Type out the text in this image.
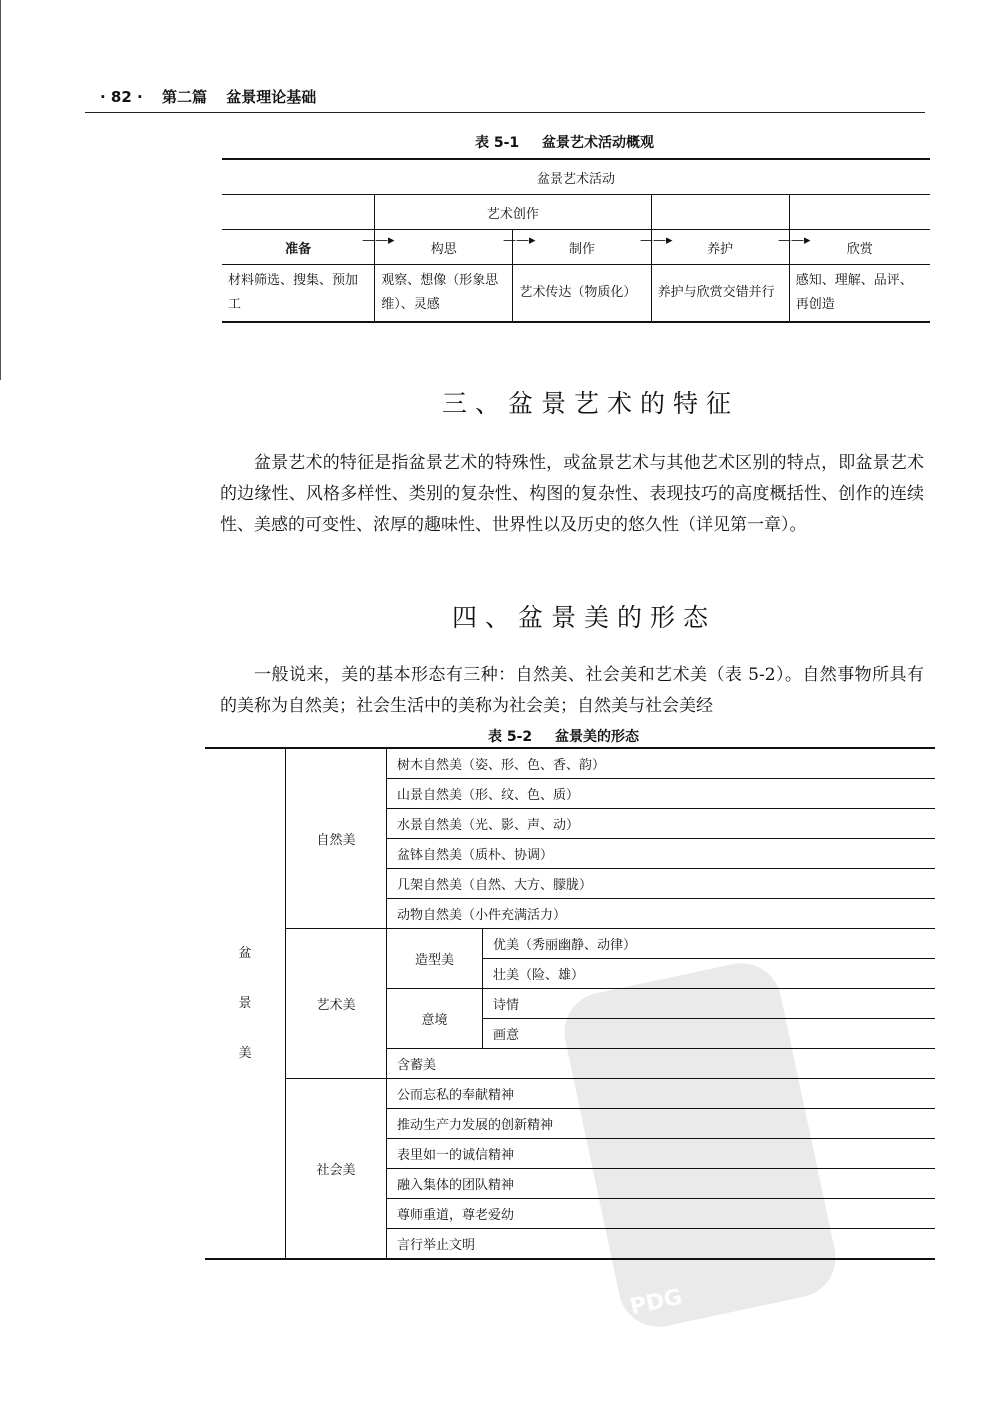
· 82 · 第二篇 盆景理论基础
表 5-1 盆景艺术活动概观
盆景艺术活动				
	艺术创作			
准备	构思	制作	养护	欣赏
材料筛选、搜集、预加工	观察、想像（形象思维）、灵感	艺术传达（物质化）	养护与欣赏交错并行	感知、理解、品评、再创造
——▸	——▸	——▸	——▸
三、盆景艺术的特征

盆景艺术的特征是指盆景艺术的特殊性，或盆景艺术与其他艺术区别的特点，即盆景艺术的边缘性、风格多样性、类别的复杂性、构图的复杂性、表现技巧的高度概括性、创作的连续性、美感的可变性、浓厚的趣味性、世界性以及历史的悠久性（详见第一章）。

四、盆景美的形态

一般说来，美的基本形态有三种：自然美、社会美和艺术美（表 5-2）。自然事物所具有的美称为自然美；社会生活中的美称为社会美；自然美与社会美经

表 5-2 盆景美的形态
PDG
盆
景
美	自然美	树木自然美（姿、形、色、香、韵）	
		山景自然美（形、纹、色、质）	
		水景自然美（光、影、声、动）	
		盆钵自然美（质朴、协调）	
		几架自然美（自然、大方、朦胧）	
		动物自然美（小件充满活力）	
	艺术美	造型美	优美（秀丽幽静、动律）
			壮美（险、雄）
		意境	诗情
			画意
		含蓄美	
	社会美	公而忘私的奉献精神	
		推动生产力发展的创新精神	
		表里如一的诚信精神	
		融入集体的团队精神	
		尊师重道，尊老爱幼	
		言行举止文明	
